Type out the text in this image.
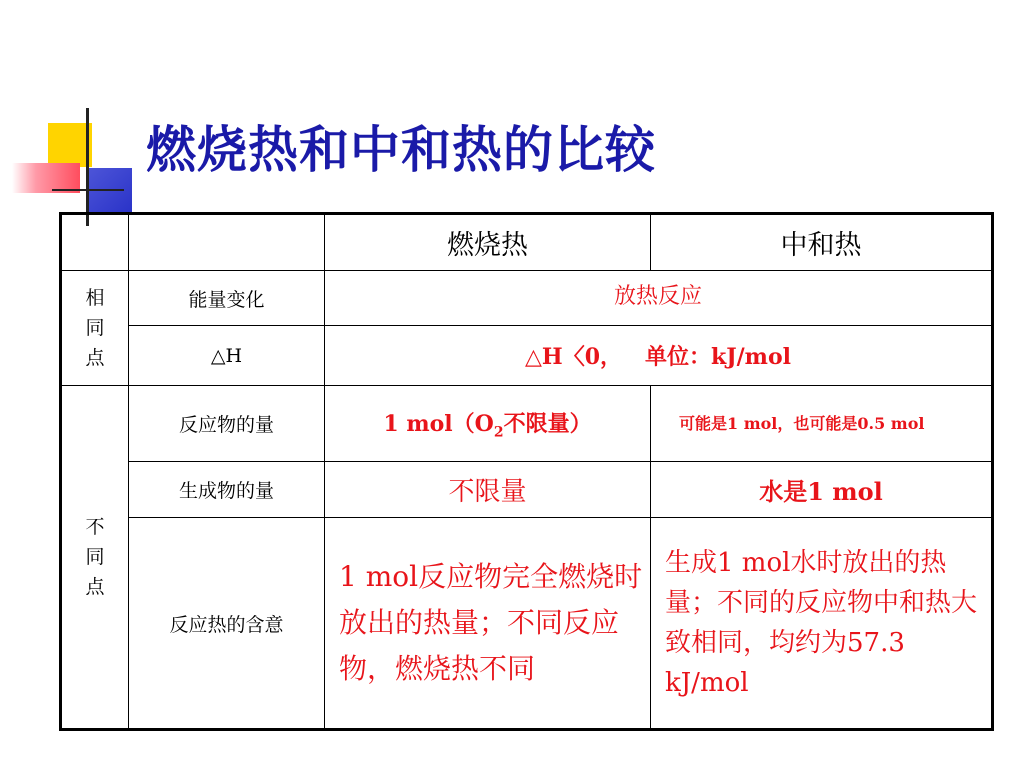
燃烧热和中和热的比较
		燃烧热	中和热

相同点	能量变化	放热反应	
	△H	△H〈0，   单位：kJ/mol	

不同点	反应物的量	1 $mol(O_2$不限量）	可能是1 mol，也可能是0.5 mol
	生成物的量	不限量	水是1 mol
	反应热的含意	1 mol反应物完全燃烧时放出的热量；不同反应物，燃烧热不同	生成1 mol水时放出的热量；不同的反应物中和热大致相同，均约为57.3 kJ/mol
